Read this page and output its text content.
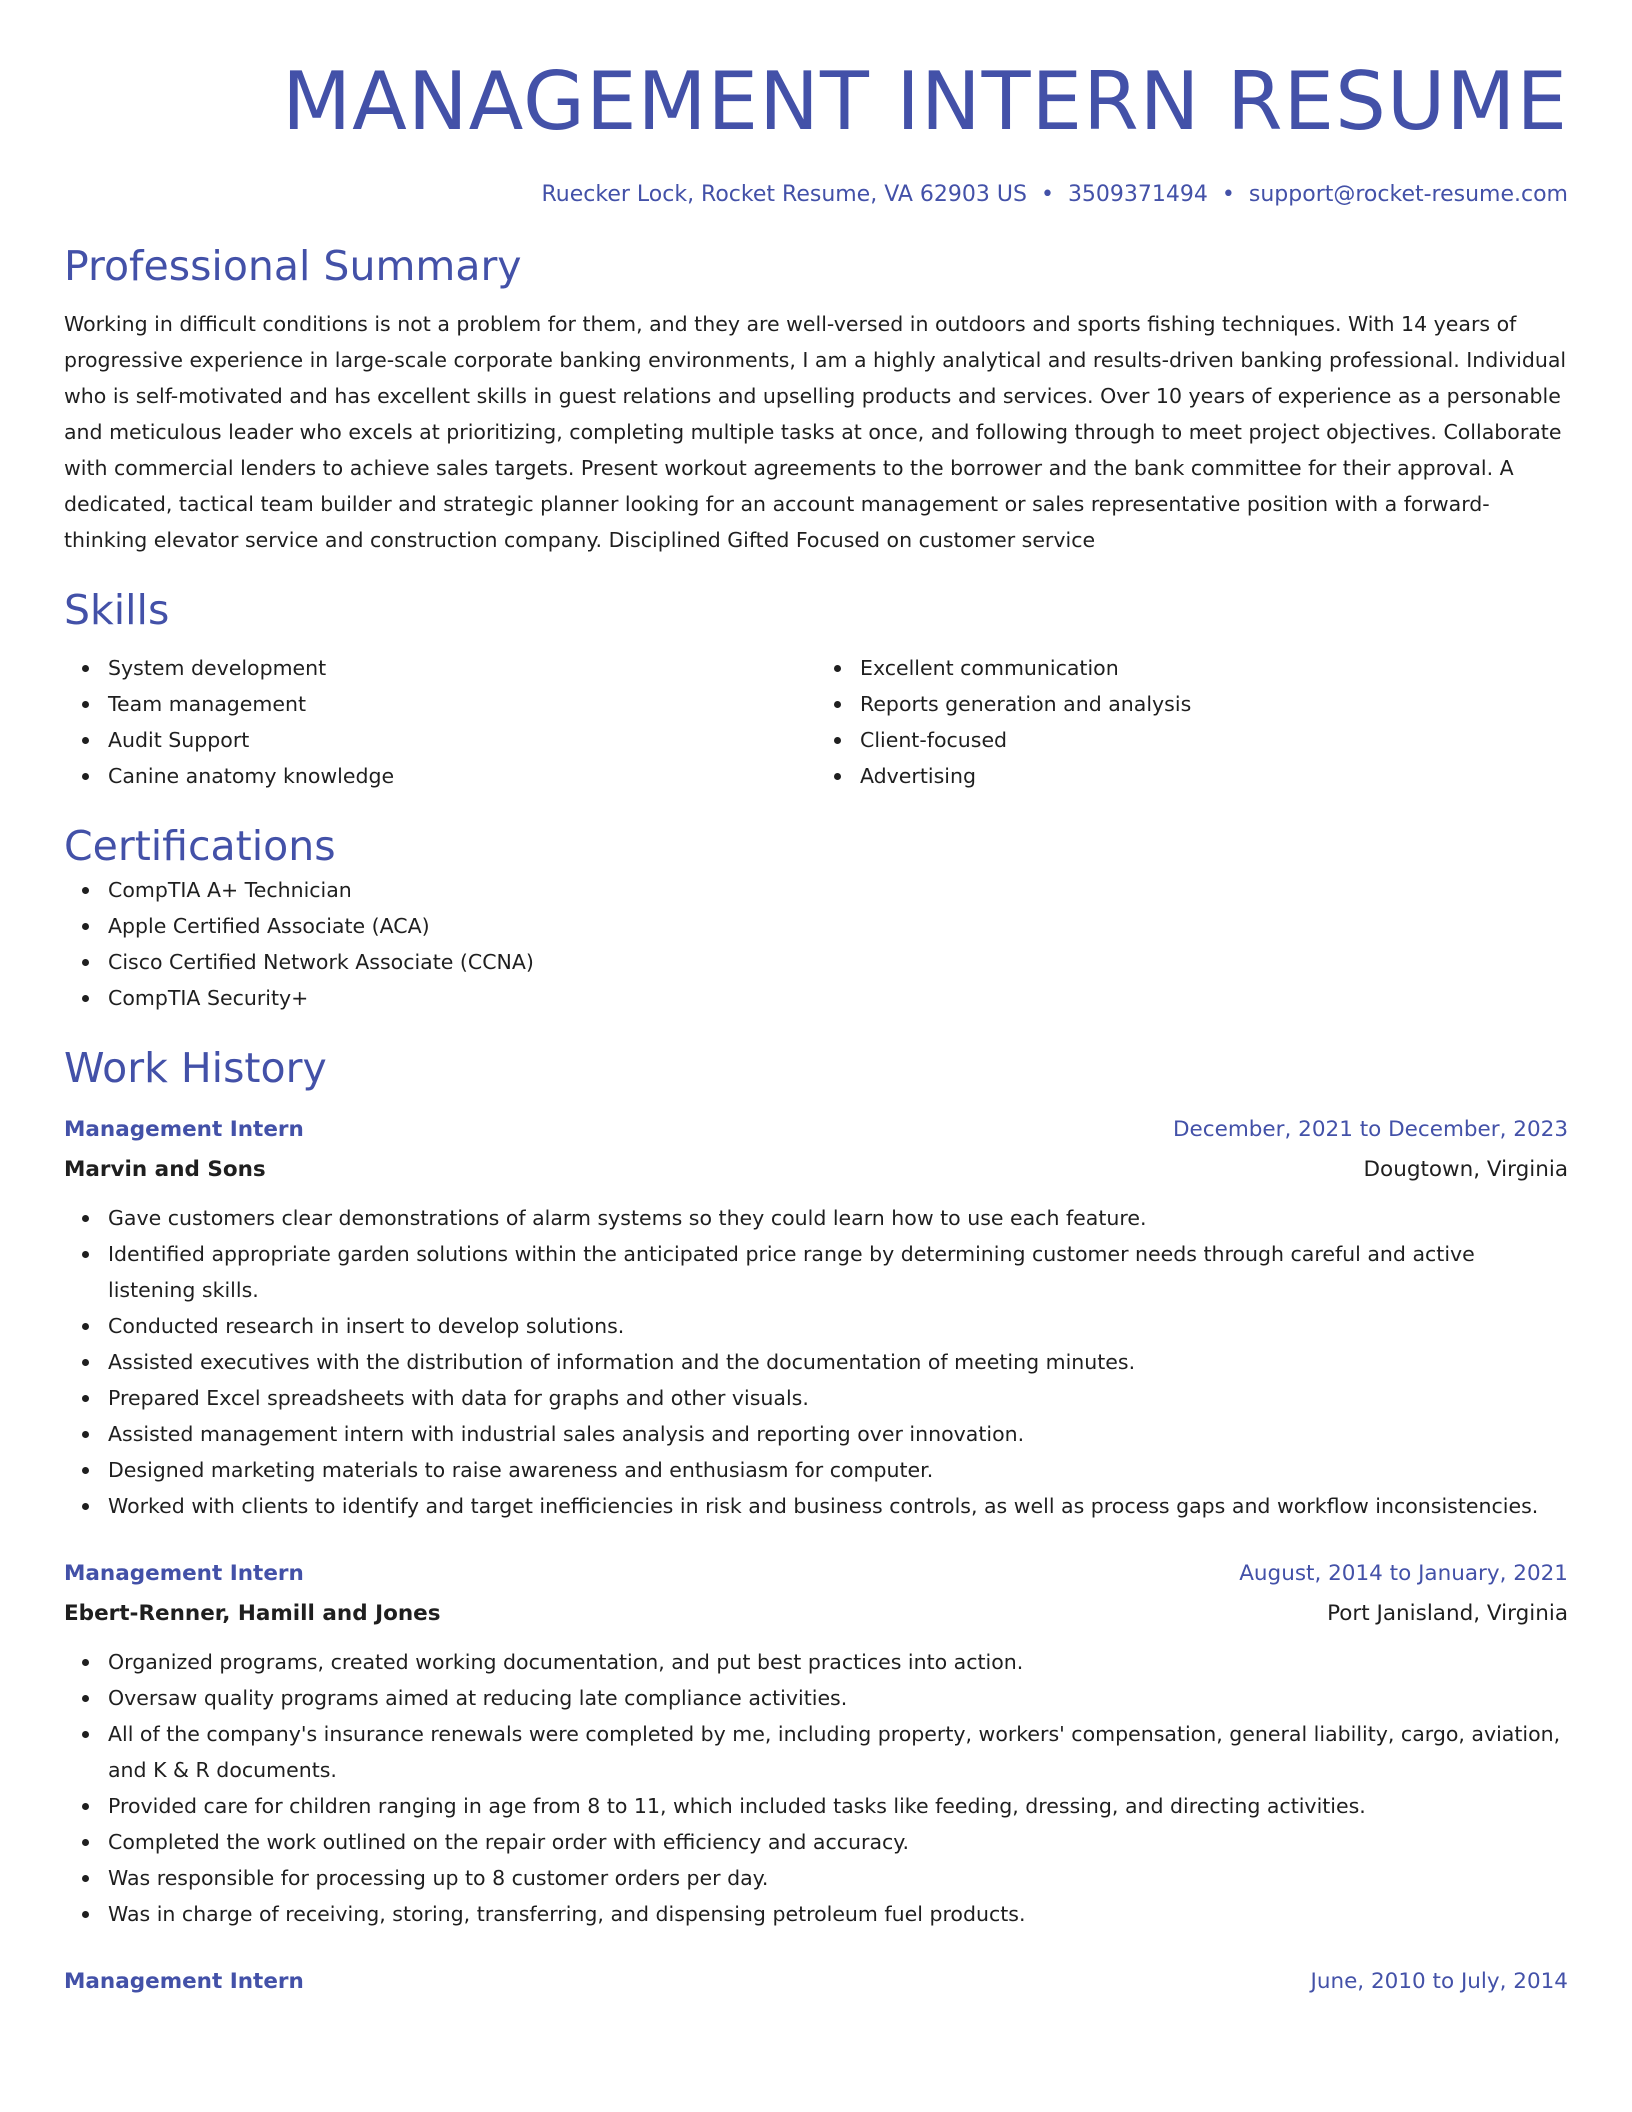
MANAGEMENT INTERN RESUME
Ruecker Lock, Rocket Resume, VA 62903 US • 3509371494 • support@rocket-resume.com
Professional Summary

Working in difficult conditions is not a problem for them, and they are well-versed in outdoors and sports fishing techniques. With 14 years of progressive experience in large-scale corporate banking environments, I am a highly analytical and results-driven banking professional. Individual who is self-motivated and has excellent skills in guest relations and upselling products and services. Over 10 years of experience as a personable and meticulous leader who excels at prioritizing, completing multiple tasks at once, and following through to meet project objectives. Collaborate with commercial lenders to achieve sales targets. Present workout agreements to the borrower and the bank committee for their approval. A dedicated, tactical team builder and strategic planner looking for an account management or sales representative position with a forward-thinking elevator service and construction company. Disciplined Gifted Focused on customer service

Skills
System development
Team management
Audit Support
Canine anatomy knowledge
Excellent communication
Reports generation and analysis
Client-focused
Advertising
Certifications
CompTIA A+ Technician
Apple Certified Associate (ACA)
Cisco Certified Network Associate (CCNA)
CompTIA Security+
Work History
Management Intern	December, 2021 to December, 2023
Marvin and Sons	Dougtown, Virginia
Gave customers clear demonstrations of alarm systems so they could learn how to use each feature.
Identified appropriate garden solutions within the anticipated price range by determining customer needs through careful and active listening skills.
Conducted research in insert to develop solutions.
Assisted executives with the distribution of information and the documentation of meeting minutes.
Prepared Excel spreadsheets with data for graphs and other visuals.
Assisted management intern with industrial sales analysis and reporting over innovation.
Designed marketing materials to raise awareness and enthusiasm for computer.
Worked with clients to identify and target inefficiencies in risk and business controls, as well as process gaps and workflow inconsistencies.
Management Intern	August, 2014 to January, 2021
Ebert-Renner, Hamill and Jones	Port Janisland, Virginia
Organized programs, created working documentation, and put best practices into action.
Oversaw quality programs aimed at reducing late compliance activities.
All of the company's insurance renewals were completed by me, including property, workers' compensation, general liability, cargo, aviation, and K & R documents.
Provided care for children ranging in age from 8 to 11, which included tasks like feeding, dressing, and directing activities.
Completed the work outlined on the repair order with efficiency and accuracy.
Was responsible for processing up to 8 customer orders per day.
Was in charge of receiving, storing, transferring, and dispensing petroleum fuel products.
Management Intern	June, 2010 to July, 2014
